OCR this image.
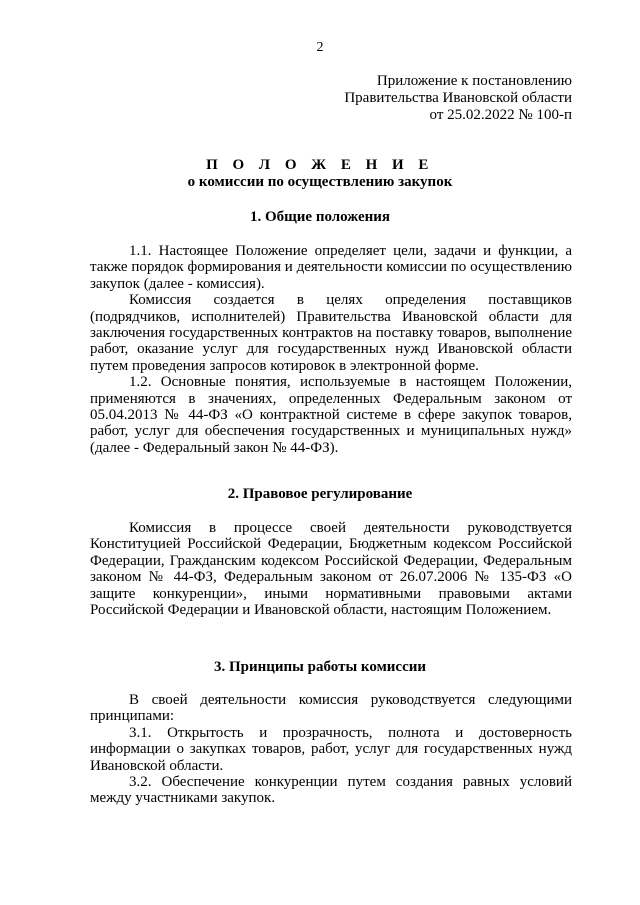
2
Приложение к постановлению
Правительства Ивановской области
от 25.02.2022 № 100-п
П О Л О Ж Е Н И Е
о комиссии по осуществлению закупок
1. Общие положения

1.1. Настоящее Положение определяет цели, задачи и функции, а также порядок формирования и деятельности комиссии по осуществлению закупок (далее - комиссия).

Комиссия создается в целях определения поставщиков (подрядчиков, исполнителей) Правительства Ивановской области для заключения государственных контрактов на поставку товаров, выполнение работ, оказание услуг для государственных нужд Ивановской области путем проведения запросов котировок в электронной форме.

1.2. Основные понятия, используемые в настоящем Положении, применяются в значениях, определенных Федеральным законом от 05.04.2013 № 44-ФЗ «О контрактной системе в сфере закупок товаров, работ, услуг для обеспечения государственных и муниципальных нужд» (далее - Федеральный закон № 44-ФЗ).

2. Правовое регулирование

Комиссия в процессе своей деятельности руководствуется Конституцией Российской Федерации, Бюджетным кодексом Российской Федерации, Гражданским кодексом Российской Федерации, Федеральным законом № 44-ФЗ, Федеральным законом от 26.07.2006 № 135-ФЗ «О защите конкуренции», иными нормативными правовыми актами Российской Федерации и Ивановской области, настоящим Положением.

3. Принципы работы комиссии

В своей деятельности комиссия руководствуется следующими принципами:

3.1. Открытость и прозрачность, полнота и достоверность информации о закупках товаров, работ, услуг для государственных нужд Ивановской области.

3.2. Обеспечение конкуренции путем создания равных условий между участниками закупок.
